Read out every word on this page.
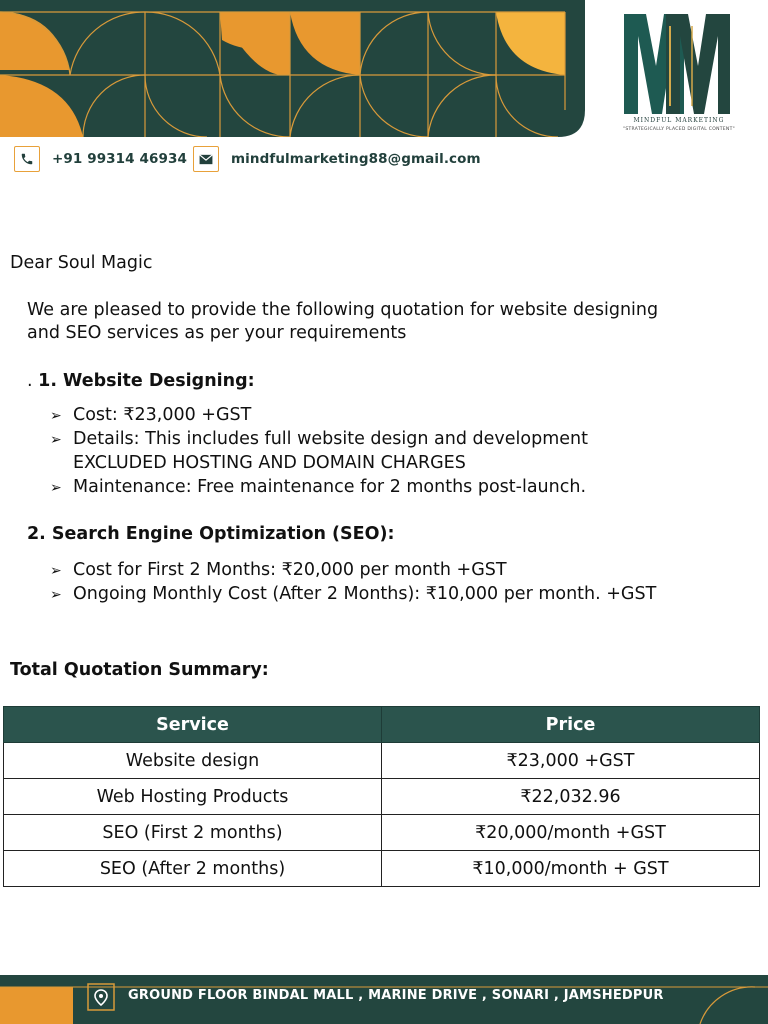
MINDFUL MARKETING
"STRATEGICALLY PLACED DIGITAL CONTENT"
+91 99314 46934	mindfulmarketing88@gmail.com
Dear Soul Magic
We are pleased to provide the following quotation for website designing
and SEO services as per your requirements
. 1. Website Designing:
➢ Cost: ₹23,000 +GST
➢ Details: This includes full website design and development
EXCLUDED HOSTING AND DOMAIN CHARGES
➢ Maintenance: Free maintenance for 2 months post-launch.
2. Search Engine Optimization (SEO):
➢ Cost for First 2 Months: ₹20,000 per month +GST
➢ Ongoing Monthly Cost (After 2 Months): ₹10,000 per month. +GST
Total Quotation Summary:
Service	Price
Website design	₹23,000 +GST
Web Hosting Products	₹22,032.96
SEO (First 2 months)	₹20,000/month +GST
SEO (After 2 months)	₹10,000/month + GST
GROUND FLOOR BINDAL MALL , MARINE DRIVE , SONARI , JAMSHEDPUR
